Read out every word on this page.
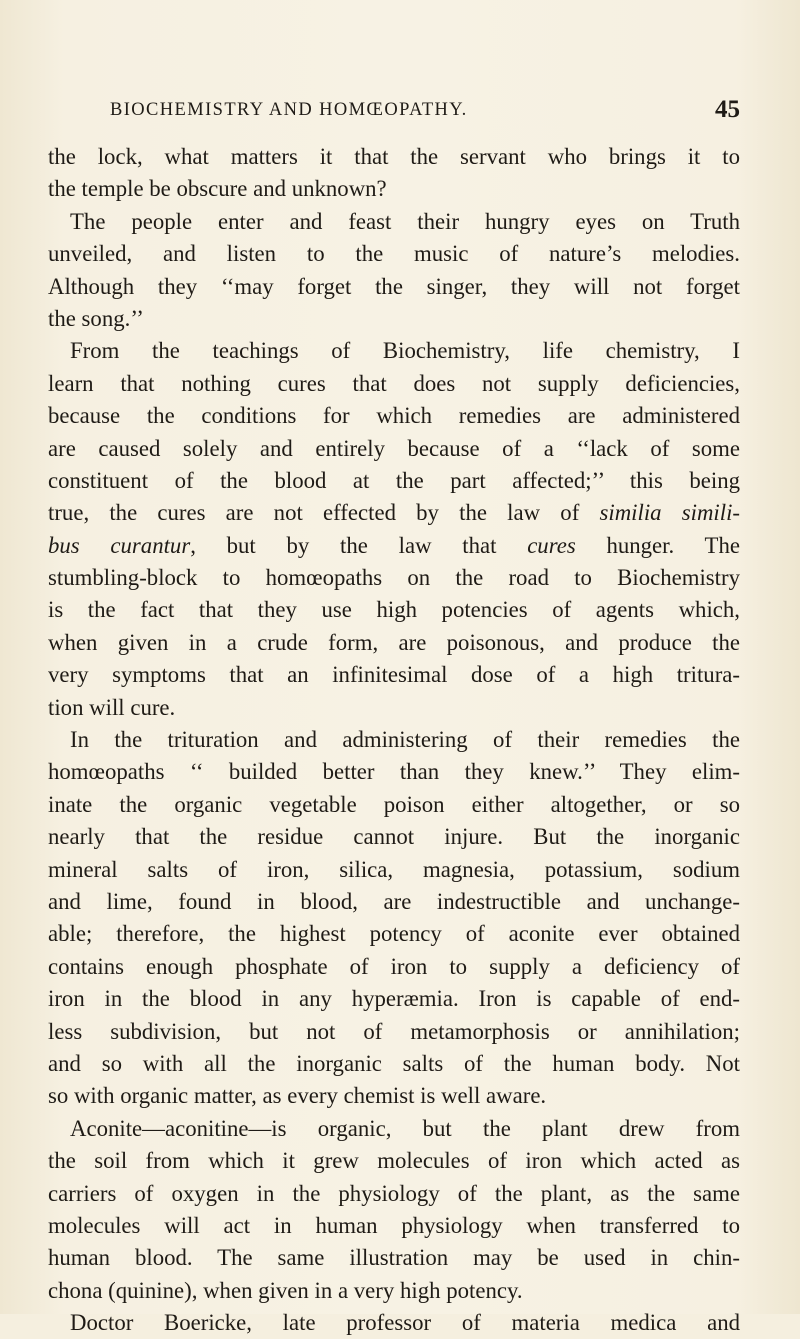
BIOCHEMISTRY AND HOMŒOPATHY.	45
the lock, what matters it that the servant who brings it to
the temple be obscure and unknown?
The people enter and feast their hungry eyes on Truth
unveiled, and listen to the music of nature’s melodies.
Although they ‘‘may forget the singer, they will not forget
the song.’’
From the teachings of Biochemistry, life chemistry, I
learn that nothing cures that does not supply deficiencies,
because the conditions for which remedies are administered
are caused solely and entirely because of a ‘‘lack of some
constituent of the blood at the part affected;’’ this being
true, the cures are not effected by the law of similia simili-
bus curantur, but by the law that cures hunger. The
stumbling-block to homœopaths on the road to Biochemistry
is the fact that they use high potencies of agents which,
when given in a crude form, are poisonous, and produce the
very symptoms that an infinitesimal dose of a high tritura-
tion will cure.
In the trituration and administering of their remedies the
homœopaths ‘‘ builded better than they knew.’’ They elim-
inate the organic vegetable poison either altogether, or so
nearly that the residue cannot injure. But the inorganic
mineral salts of iron, silica, magnesia, potassium, sodium
and lime, found in blood, are indestructible and unchange-
able; therefore, the highest potency of aconite ever obtained
contains enough phosphate of iron to supply a deficiency of
iron in the blood in any hyperæmia. Iron is capable of end-
less subdivision, but not of metamorphosis or annihilation;
and so with all the inorganic salts of the human body. Not
so with organic matter, as every chemist is well aware.
Aconite—aconitine—is organic, but the plant drew from
the soil from which it grew molecules of iron which acted as
carriers of oxygen in the physiology of the plant, as the same
molecules will act in human physiology when transferred to
human blood. The same illustration may be used in chin-
chona (quinine), when given in a very high potency.
Doctor Boericke, late professor of materia medica and
